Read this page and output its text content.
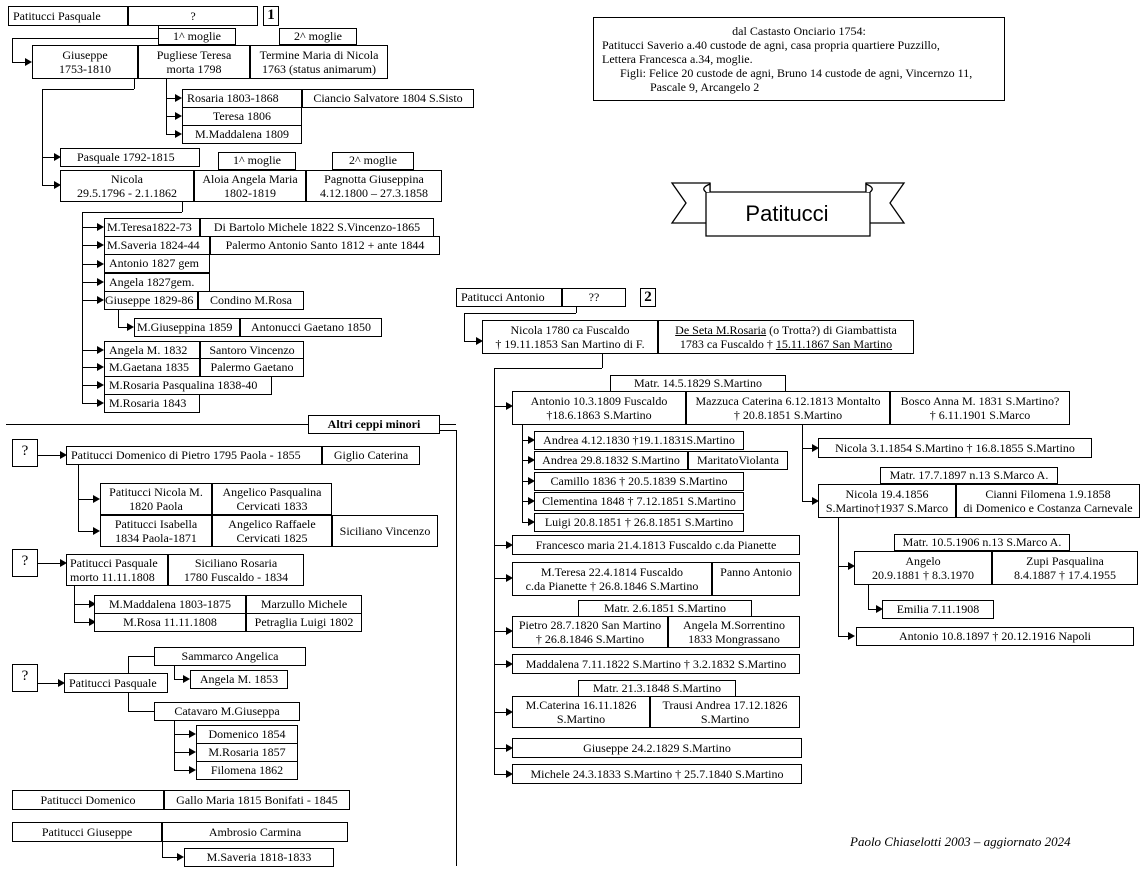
dal Castasto Onciario 1754:
Patitucci Saverio a.40 custode de agni, casa propria quartiere Puzzillo,
Lettera Francesca a.34, moglie.
Figli: Felice 20 custode de agni, Bruno 14 custode de agni, Vincernzo 11,
Pascale 9, Arcangelo 2
Patitucci
Paolo Chiaselotti 2003 – aggiornato 2024
Patitucci Pasquale	?	1
1^ moglie	2^ moglie
Giuseppe
1753-1810
Pugliese Teresa
morta 1798
Termine Maria di Nicola
1763 (status animarum)
Rosaria 1803-1868	Ciancio Salvatore 1804 S.Sisto
Teresa 1806
M.Maddalena 1809
Pasquale 1792-1815	1^ moglie	2^ moglie
Nicola
29.5.1796 - 2.1.1862
Aloia Angela Maria
1802-1819
Pagnotta Giuseppina
4.12.1800 – 27.3.1858
M.Teresa1822-73	Di Bartolo Michele 1822 S.Vincenzo-1865
M.Saveria 1824-44	Palermo Antonio Santo 1812 + ante 1844
Antonio 1827 gem
Angela 1827gem.
Giuseppe 1829-86	Condino M.Rosa
M.Giuseppina 1859	Antonucci Gaetano 1850
Angela M. 1832	Santoro Vincenzo
M.Gaetana 1835	Palermo Gaetano
M.Rosaria Pasqualina 1838-40
M.Rosaria 1843
Altri ceppi minori
?	Patitucci Domenico di Pietro 1795 Paola - 1855	Giglio Caterina
Patitucci Nicola M.
1820 Paola
Angelico Pasqualina
Cervicati 1833
Patitucci Isabella
1834 Paola-1871
Angelico Raffaele
Cervicati 1825	Siciliano Vincenzo
?	Patitucci Pasquale
morto 11.11.1808
Siciliano Rosaria
1780 Fuscaldo - 1834
M.Maddalena 1803-1875	Marzullo Michele
M.Rosa 11.11.1808	Petraglia Luigi 1802
?	Patitucci Pasquale
Sammarco Angelica
Angela M. 1853
Catavaro M.Giuseppa
Domenico 1854
M.Rosaria 1857
Filomena 1862
Patitucci Domenico	Gallo Maria 1815 Bonifati - 1845
Patitucci Giuseppe	Ambrosio Carmina
M.Saveria 1818-1833
Patitucci Antonio	??	2
Nicola 1780 ca Fuscaldo
† 19.11.1853 San Martino di F.
De Seta M.Rosaria (o Trotta?) di Giambattista
1783 ca Fuscaldo † 15.11.1867 San Martino
Matr. 14.5.1829 S.Martino
Antonio 10.3.1809 Fuscaldo
†18.6.1863 S.Martino
Mazzuca Caterina 6.12.1813 Montalto
† 20.8.1851 S.Martino
Bosco Anna M. 1831 S.Martino?
† 6.11.1901 S.Marco
Andrea 4.12.1830 †19.1.1831S.Martino
Andrea 29.8.1832 S.Martino	MaritatoViolanta
Camillo 1836 † 20.5.1839 S.Martino
Clementina 1848 † 7.12.1851 S.Martino
Luigi 20.8.1851 † 26.8.1851 S.Martino
Nicola 3.1.1854 S.Martino † 16.8.1855 S.Martino
Matr. 17.7.1897 n.13 S.Marco A.
Nicola 19.4.1856
S.Martino†1937 S.Marco
Cianni Filomena 1.9.1858
di Domenico e Costanza Carnevale
Matr. 10.5.1906 n.13 S.Marco A.
Angelo
20.9.1881 † 8.3.1970
Zupi Pasqualina
8.4.1887 † 17.4.1955
Emilia 7.11.1908
Antonio 10.8.1897 † 20.12.1916 Napoli
Francesco maria 21.4.1813 Fuscaldo c.da Pianette
M.Teresa 22.4.1814 Fuscaldo
c.da Pianette † 26.8.1846 S.Martino
Panno Antonio
Matr. 2.6.1851 S.Martino
Pietro 28.7.1820 San Martino
† 26.8.1846 S.Martino
Angela M.Sorrentino
1833 Mongrassano
Maddalena 7.11.1822 S.Martino † 3.2.1832 S.Martino
Matr. 21.3.1848 S.Martino
M.Caterina 16.11.1826
S.Martino
Trausi Andrea 17.12.1826
S.Martino
Giuseppe 24.2.1829 S.Martino
Michele 24.3.1833 S.Martino † 25.7.1840 S.Martino
